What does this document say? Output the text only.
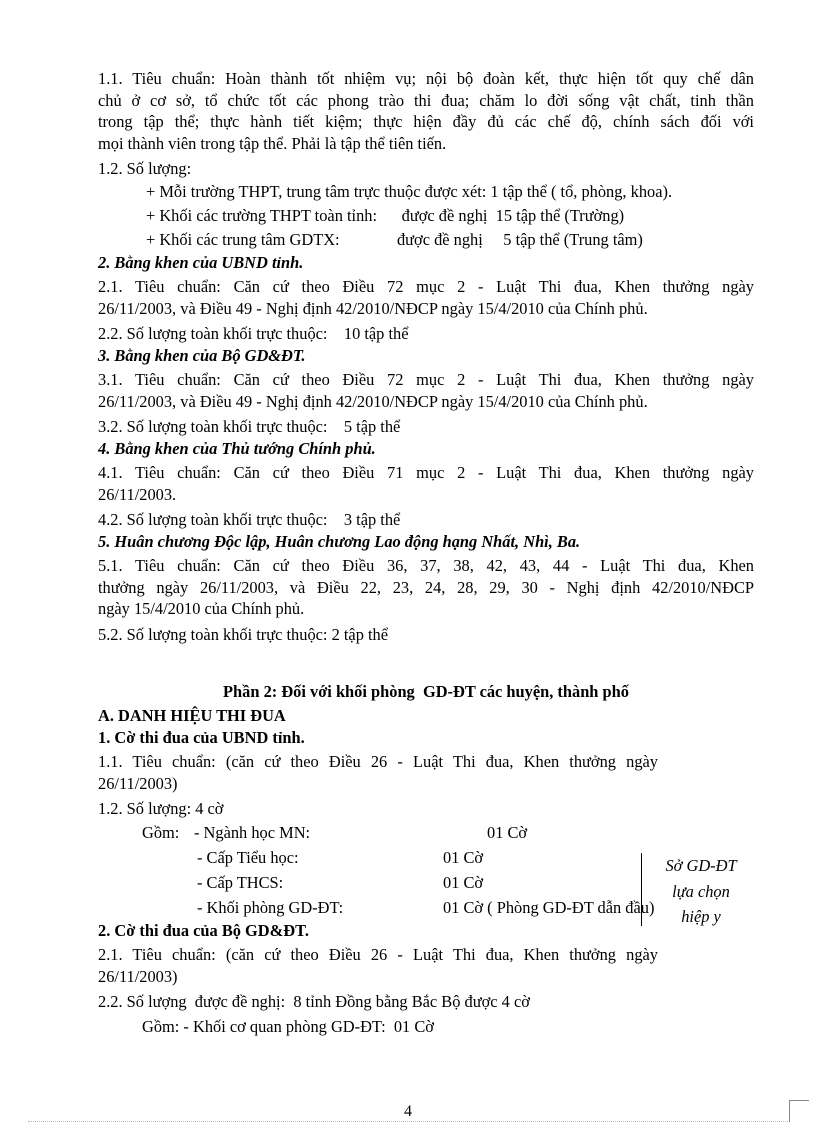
1.1. Tiêu chuẩn: Hoàn thành tốt nhiệm vụ; nội bộ đoàn kết, thực hiện tốt quy chế dân
chủ ở cơ sở, tổ chức tốt các phong trào thi đua; chăm lo đời sống vật chất, tinh thần
trong tập thể; thực hành tiết kiệm; thực hiện đầy đủ các chế độ, chính sách đối với
mọi thành viên trong tập thể. Phải là tập thể tiên tiến.

1.2. Số lượng:

+ Mỗi trường THPT, trung tâm trực thuộc được xét: 1 tập thể ( tổ, phòng, khoa).

+ Khối các trường THPT toàn tỉnh:      được đề nghị  15 tập thể (Trường)

+ Khối các trung tâm GDTX:              được đề nghị     5 tập thể (Trung tâm)

2. Bằng khen của UBND tỉnh.

2.1. Tiêu chuẩn: Căn cứ theo Điều 72 mục 2 - Luật Thi đua, Khen thưởng ngày
26/11/2003, và Điều 49 - Nghị định 42/2010/NĐCP ngày 15/4/2010 của Chính phủ.

2.2. Số lượng toàn khối trực thuộc:    10 tập thể

3. Bằng khen của Bộ GD&ĐT.

3.1. Tiêu chuẩn: Căn cứ theo Điều 72 mục 2 - Luật Thi đua, Khen thưởng ngày
26/11/2003, và Điều 49 - Nghị định 42/2010/NĐCP ngày 15/4/2010 của Chính phủ.

3.2. Số lượng toàn khối trực thuộc:    5 tập thể

4. Bằng khen của Thủ tướng Chính phủ.

4.1. Tiêu chuẩn: Căn cứ theo Điều 71 mục 2 - Luật Thi đua, Khen thưởng ngày
26/11/2003.

4.2. Số lượng toàn khối trực thuộc:    3 tập thể

5. Huân chương Độc lập, Huân chương Lao động hạng Nhất, Nhì, Ba.

5.1. Tiêu chuẩn: Căn cứ theo Điều 36, 37, 38, 42, 43, 44 - Luật Thi đua, Khen
thưởng ngày 26/11/2003, và Điều 22, 23, 24, 28, 29, 30 - Nghị định 42/2010/NĐCP
ngày 15/4/2010 của Chính phủ.

5.2. Số lượng toàn khối trực thuộc: 2 tập thể

Phần 2: Đối với khối phòng  GD-ĐT các huyện, thành phố

A. DANH HIỆU THI ĐUA

1. Cờ thi đua của UBND tỉnh.

1.1. Tiêu chuẩn: (căn cứ theo Điều 26 - Luật Thi đua, Khen thưởng ngày
26/11/2003)

1.2. Số lượng: 4 cờ

Gồm: - Ngành học MN:	01 Cờ
- Cấp Tiểu học:	01 Cờ
- Cấp THCS:	01 Cờ
- Khối phòng GD-ĐT:	01 Cờ ( Phòng GD-ĐT dẫn đầu)

2. Cờ thi đua của Bộ GD&ĐT.

2.1. Tiêu chuẩn: (căn cứ theo Điều 26 - Luật Thi đua, Khen thưởng ngày
26/11/2003)

2.2. Số lượng  được đề nghị:  8 tỉnh Đồng bằng Bắc Bộ được 4 cờ

Gồm: - Khối cơ quan phòng GD-ĐT:  01 Cờ

Sở GD-ĐT
lựa chọn
hiệp y
4
